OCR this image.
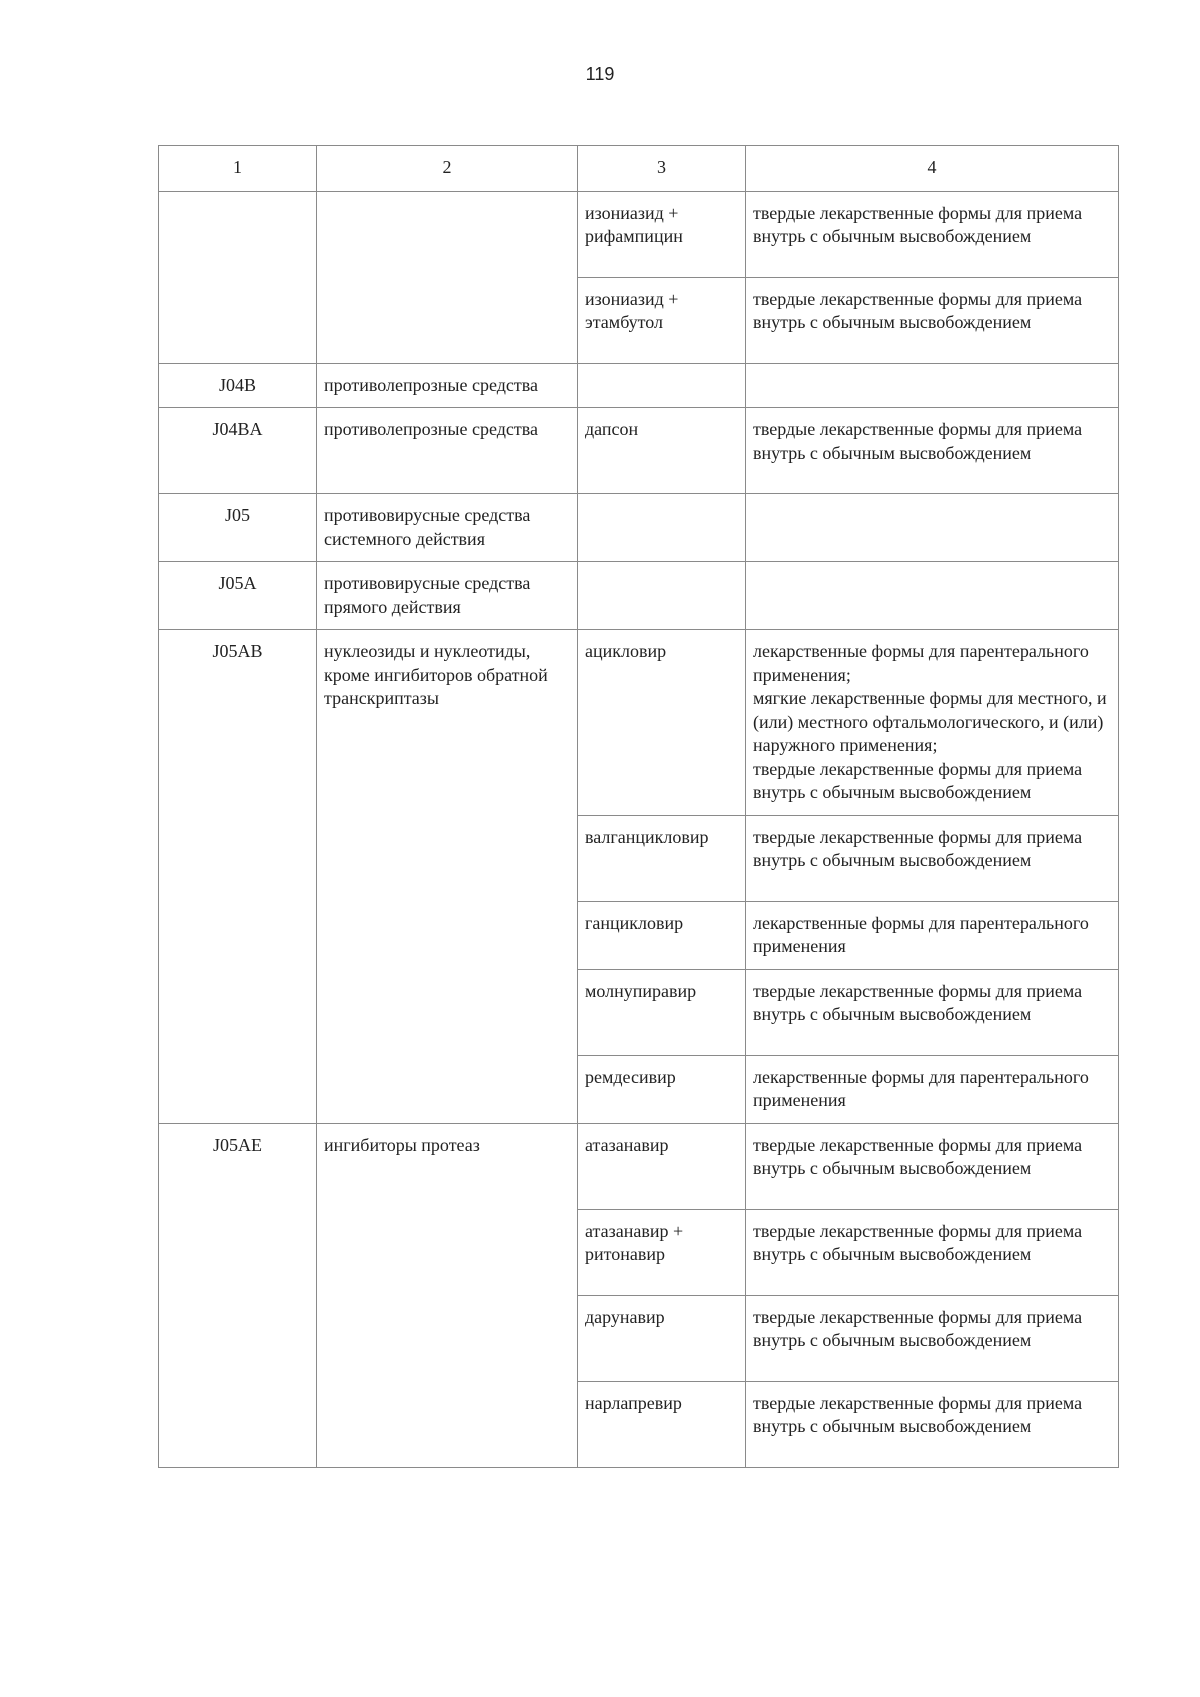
119
1	2	3	4
		изониазид + рифампицин	твердые лекарственные формы для приема внутрь с обычным высвобождением

		изониазид + этамбутол	твердые лекарственные формы для приема внутрь с обычным высвобождением

J04B	противолепрозные средства		
J04BA	противолепрозные средства	дапсон	твердые лекарственные формы для приема внутрь с обычным высвобождением

J05	противовирусные средства системного действия		
J05A	противовирусные средства прямого действия		
J05AB	нуклеозиды и нуклеотиды, кроме ингибиторов обратной транскриптазы	ацикловир	лекарственные формы для парентерального применения;
мягкие лекарственные формы для местного, и (или) местного офтальмологического, и (или) наружного применения;
твердые лекарственные формы для приема внутрь с обычным высвобождением

		валганцикловир	твердые лекарственные формы для приема внутрь с обычным высвобождением

		ганцикловир	лекарственные формы для парентерального применения

		молнупиравир	твердые лекарственные формы для приема внутрь с обычным высвобождением

		ремдесивир	лекарственные формы для парентерального применения

J05AE	ингибиторы протеаз	атазанавир	твердые лекарственные формы для приема внутрь с обычным высвобождением

		атазанавир + ритонавир	твердые лекарственные формы для приема внутрь с обычным высвобождением

		дарунавир	твердые лекарственные формы для приема внутрь с обычным высвобождением

		нарлапревир	твердые лекарственные формы для приема внутрь с обычным высвобождением
